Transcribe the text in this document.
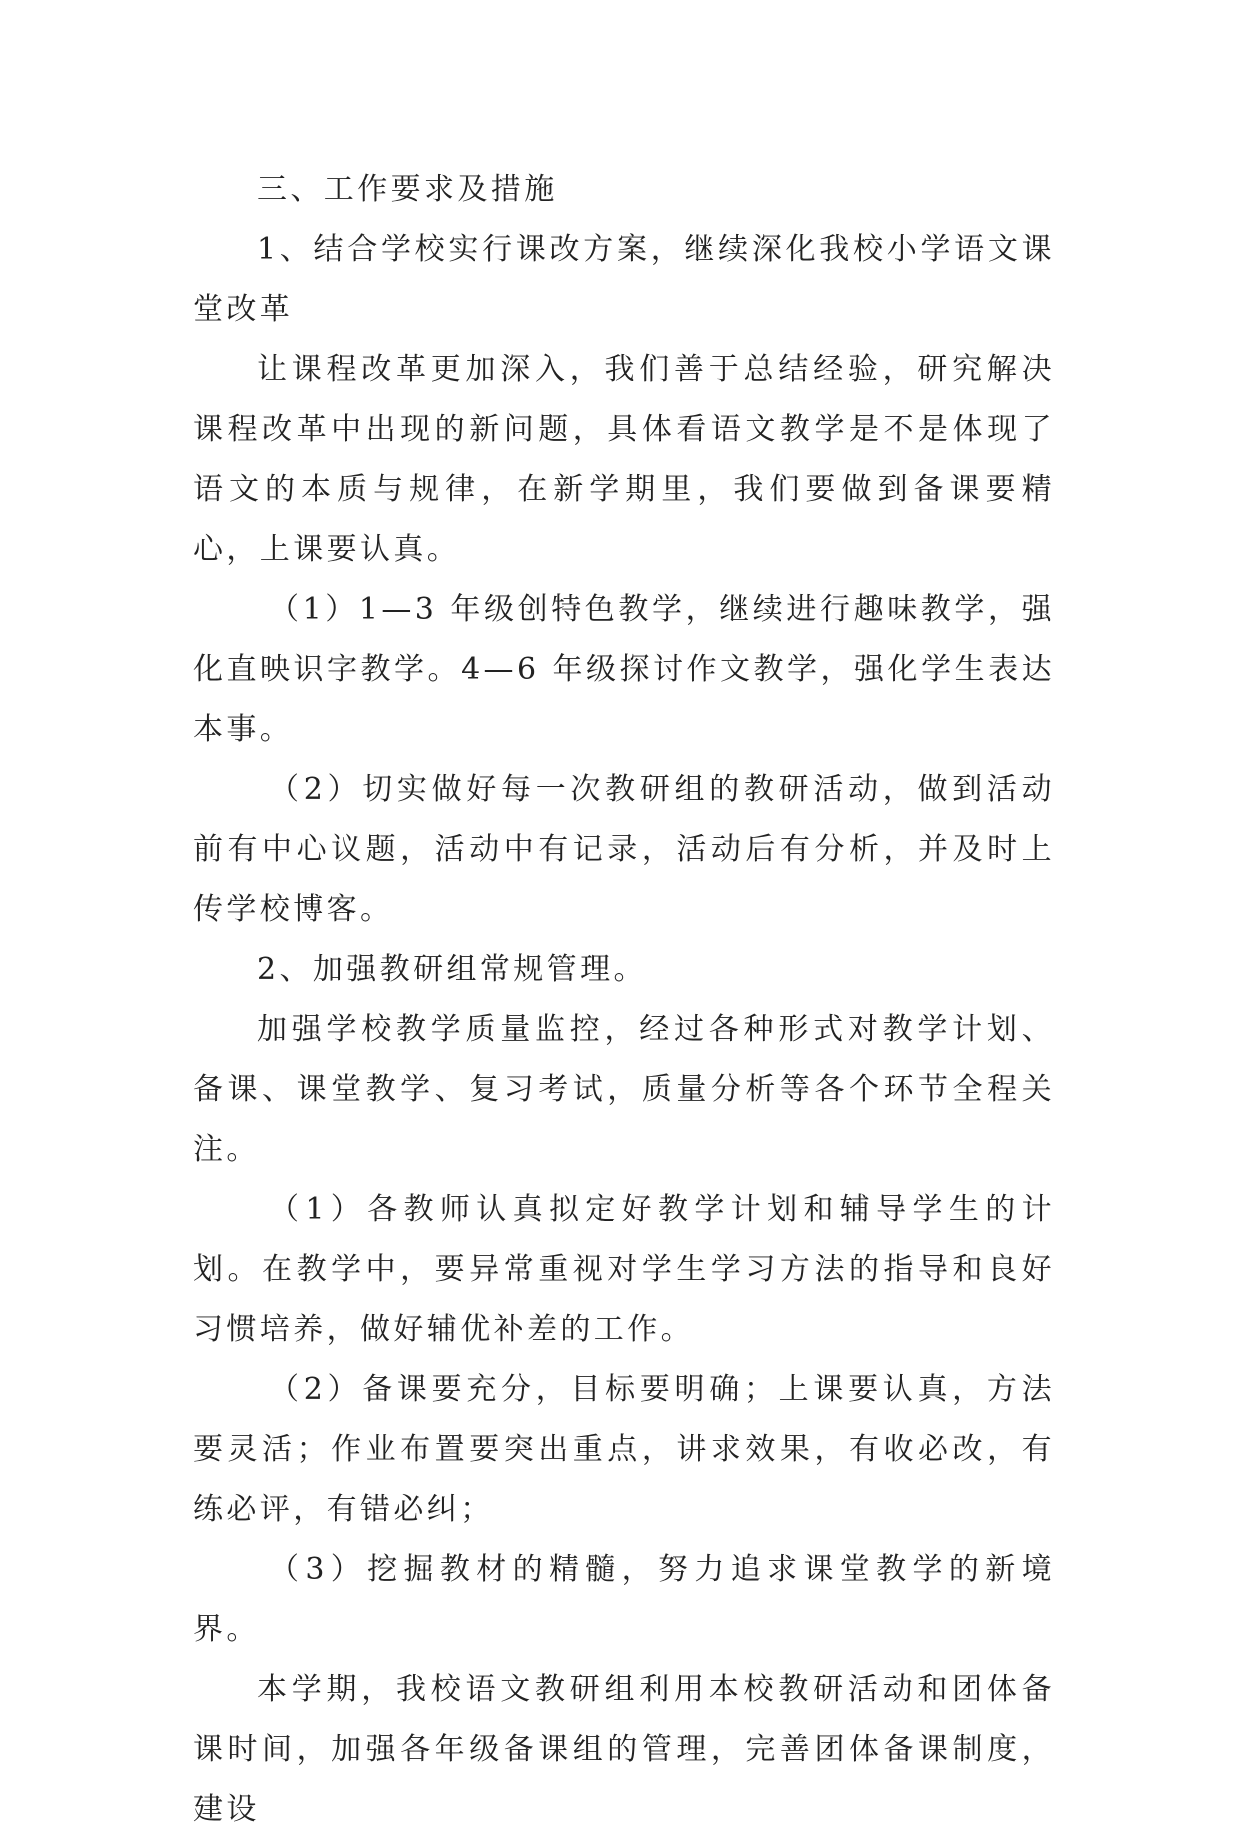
三、工作要求及措施

1、结合学校实行课改方案，继续深化我校小学语文课堂改革

让课程改革更加深入，我们善于总结经验，研究解决课程改革中出现的新问题，具体看语文教学是不是体现了语文的本质与规律，在新学期里，我们要做到备课要精心，上课要认真。

（1）1—3 年级创特色教学，继续进行趣味教学，强化直映识字教学。4—6 年级探讨作文教学，强化学生表达本事。

（2）切实做好每一次教研组的教研活动，做到活动前有中心议题，活动中有记录，活动后有分析，并及时上传学校博客。

2、加强教研组常规管理。

加强学校教学质量监控，经过各种形式对教学计划、备课、课堂教学、复习考试，质量分析等各个环节全程关注。

（1）各教师认真拟定好教学计划和辅导学生的计划。在教学中，要异常重视对学生学习方法的指导和良好习惯培养，做好辅优补差的工作。

（2）备课要充分，目标要明确；上课要认真，方法要灵活；作业布置要突出重点，讲求效果，有收必改，有练必评，有错必纠；

（3）挖掘教材的精髓，努力追求课堂教学的新境界。

本学期，我校语文教研组利用本校教研活动和团体备课时间，加强各年级备课组的管理，完善团体备课制度，建设
